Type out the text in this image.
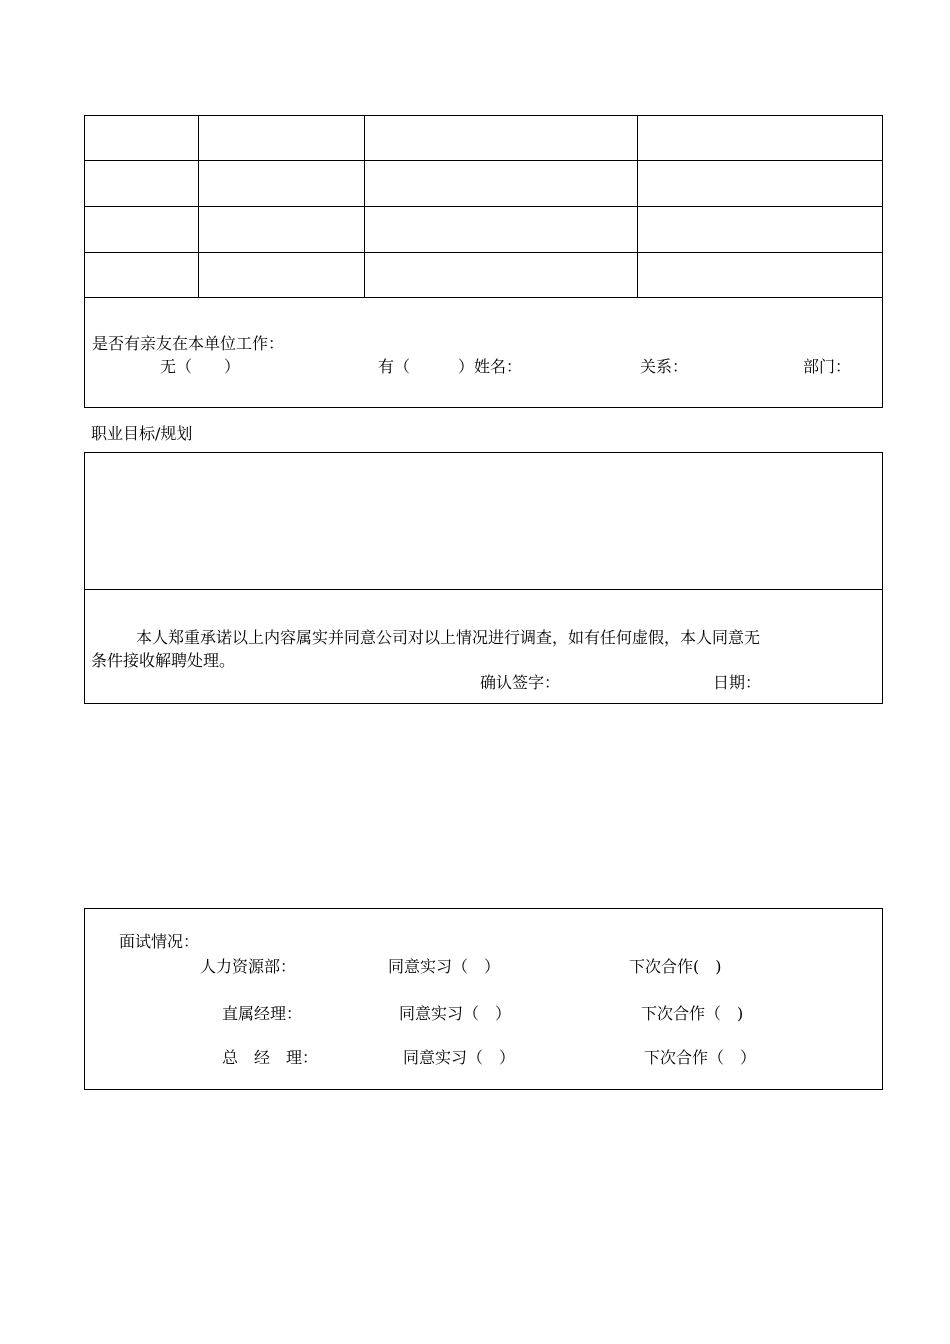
是否有亲友在本单位工作：
无（　　）	有（　　　）姓名：	关系：	部门：
职业目标/规划
本人郑重承诺以上内容属实并同意公司对以上情况进行调查，如有任何虚假，本人同意无
条件接收解聘处理。
确认签字：	日期：
面试情况：
人力资源部：	同意实习（　）	下次合作(　)
直属经理：	同意实习（　）	下次合作（　)
总　经　理：	同意实习（　）	下次合作（　）
